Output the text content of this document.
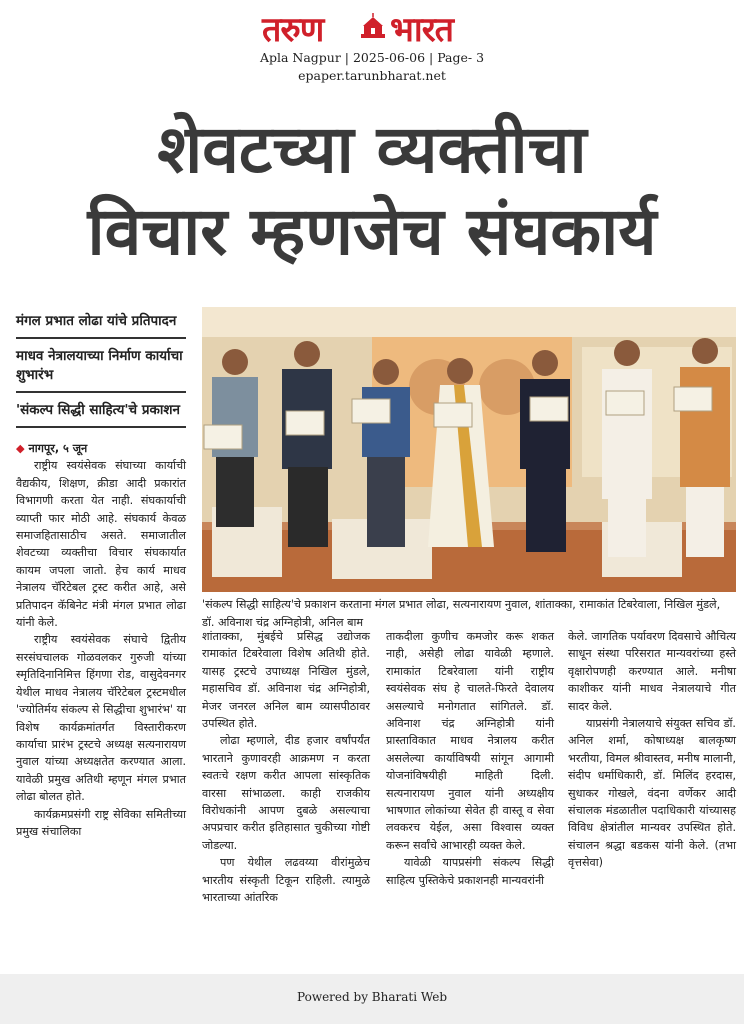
तरुण भारत
Apla Nagpur | 2025-06-06 | Page- 3
epaper.tarunbharat.net
शेवटच्या व्यक्तीचा
विचार म्हणजेच संघकार्य
मंगल प्रभात लोढा यांचे प्रतिपादन
माधव नेत्रालयाच्या निर्माण कार्याचा शुभारंभ
'संकल्प सिद्धी साहित्य'चे प्रकाशन
'संकल्प सिद्धी साहित्य'चे प्रकाशन करताना मंगल प्रभात लोढा, सत्यनारायण नुवाल, शांताक्का, रामाकांत टिबरेवाला, निखिल मुंडले, डॉ. अविनाश चंद्र अग्निहोत्री, अनिल बाम
◆ नागपूर, ५ जून

राष्ट्रीय स्वयंसेवक संघाच्या कार्याची वैद्यकीय, शिक्षण, क्रीडा आदी प्रकारांत विभागणी करता येत नाही. संघकार्याची व्याप्ती फार मोठी आहे. संघकार्य केवळ समाजहितासाठीच असते. समाजातील शेवटच्या व्यक्तीचा विचार संघकार्यात कायम जपला जातो. हेच कार्य माधव नेत्रालय चॅरिटेबल ट्रस्ट करीत आहे, असे प्रतिपादन कॅबिनेट मंत्री मंगल प्रभात लोढा यांनी केले.

राष्ट्रीय स्वयंसेवक संघाचे द्वितीय सरसंघचालक गोळवलकर गुरुजी यांच्या स्मृतिदिनानिमित्त हिंगणा रोड, वासुदेवनगर येथील माधव नेत्रालय चॅरिटेबल ट्रस्टमधील 'ज्योतिर्मय संकल्प से सिद्धीचा शुभारंभ' या विशेष कार्यक्रमांतर्गत विस्तारीकरण कार्याचा प्रारंभ ट्रस्टचे अध्यक्ष सत्यनारायण नुवाल यांच्या अध्यक्षतेत करण्यात आला. यावेळी प्रमुख अतिथी म्हणून मंगल प्रभात लोढा बोलत होते.

कार्यक्रमप्रसंगी राष्ट्र सेविका समितीच्या प्रमुख संचालिका

शांताक्का, मुंबईचे प्रसिद्ध उद्योजक रामाकांत टिबरेवाला विशेष अतिथी होते. यासह ट्रस्टचे उपाध्यक्ष निखिल मुंडले, महासचिव डॉ. अविनाश चंद्र अग्निहोत्री, मेजर जनरल अनिल बाम व्यासपीठावर उपस्थित होते.

लोढा म्हणाले, दीड हजार वर्षांपर्यंत भारताने कुणावरही आक्रमण न करता स्वतःचे रक्षण करीत आपला सांस्कृतिक वारसा सांभाळला. काही राजकीय विरोधकांनी आपण दुबळे असल्याचा अपप्रचार करीत इतिहासात चुकीच्या गोष्टी जोडल्या.

पण येथील लढवय्या वीरांमुळेच भारतीय संस्कृती टिकून राहिली. त्यामुळे भारताच्या आंतरिक

ताकदीला कुणीच कमजोर करू शकत नाही, असेही लोढा यावेळी म्हणाले. रामाकांत टिबरेवाला यांनी राष्ट्रीय स्वयंसेवक संघ हे चालते-फिरते देवालय असल्याचे मनोगतात सांगितले. डॉ. अविनाश चंद्र अग्निहोत्री यांनी प्रास्ताविकात माधव नेत्रालय करीत असलेल्या कार्याविषयी सांगून आगामी योजनांविषयीही माहिती दिली. सत्यनारायण नुवाल यांनी अध्यक्षीय भाषणात लोकांच्या सेवेत ही वास्तू व सेवा लवकरच येईल, असा विश्वास व्यक्त करून सर्वांचे आभारही व्यक्त केले.

यावेळी यापप्रसंगी संकल्प सिद्धी साहित्य पुस्तिकेचे प्रकाशनही मान्यवरांनी

केले. जागतिक पर्यावरण दिवसाचे औचित्य साधून संस्था परिसरात मान्यवरांच्या हस्ते वृक्षारोपणही करण्यात आले. मनीषा काशीकर यांनी माधव नेत्रालयाचे गीत सादर केले.

याप्रसंगी नेत्रालयाचे संयुक्त सचिव डॉ. अनिल शर्मा, कोषाध्यक्ष बालकृष्ण भरतीया, विमल श्रीवास्तव, मनीष मालानी, संदीप धर्माधिकारी, डॉ. मिलिंद हरदास, सुधाकर गोखले, वंदना वर्णेकर आदी संचालक मंडळातील पदाधिकारी यांच्यासह विविध क्षेत्रांतील मान्यवर उपस्थित होते. संचालन श्रद्धा बडकस यांनी केले. (तभा वृत्तसेवा)

Powered by Bharati Web
